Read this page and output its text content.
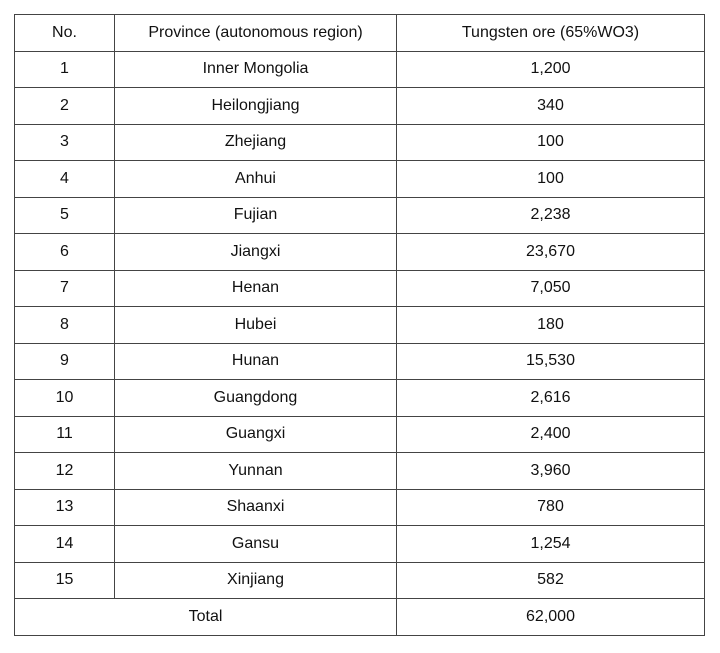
No.	Province (autonomous region)	Tungsten ore (65%WO3)
1	Inner Mongolia	1,200
2	Heilongjiang	340
3	Zhejiang	100
4	Anhui	100
5	Fujian	2,238
6	Jiangxi	23,670
7	Henan	7,050
8	Hubei	180
9	Hunan	15,530
10	Guangdong	2,616
11	Guangxi	2,400
12	Yunnan	3,960
13	Shaanxi	780
14	Gansu	1,254
15	Xinjiang	582
Total		62,000
